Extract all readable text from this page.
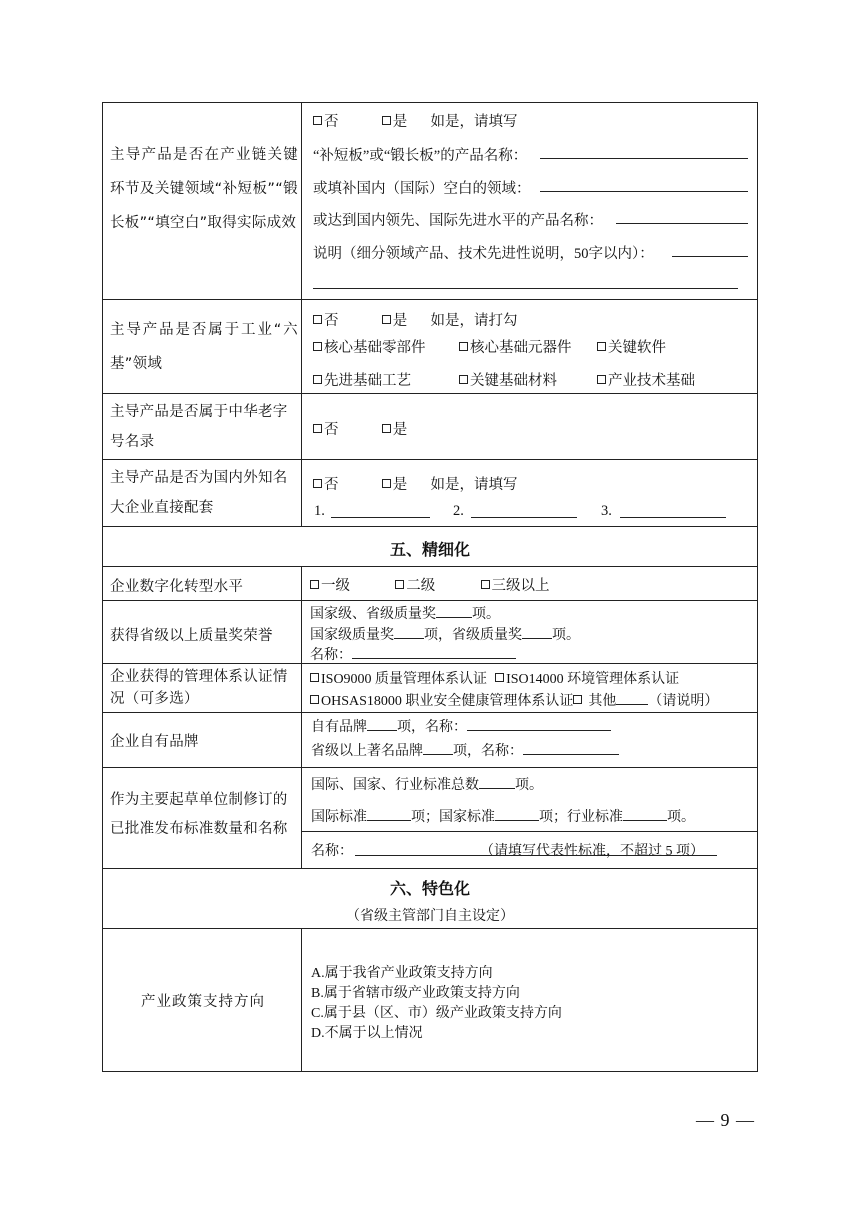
主导产品是否在产业链关键环节及关键领域“补短板”“锻长板”“填空白”取得实际成效
否	是 如是，请填写
“补短板”或“锻长板”的产品名称：
或填补国内（国际）空白的领域：
或达到国内领先、国际先进水平的产品名称：
说明（细分领域产品、技术先进性说明，50字以内）：
主导产品是否属于工业“六基”领域
否	是 如是，请打勾
核心基础零部件	核心基础元器件	关键软件
先进基础工艺	关键基础材料	产业技术基础
主导产品是否属于中华老字号名录
否	是
主导产品是否为国内外知名大企业直接配套
否	是 如是，请填写
1.	2.	3.
五、精细化
企业数字化转型水平	一级	二级	三级以上
获得省级以上质量奖荣誉
国家级、省级质量奖	项。
国家级质量奖 项，省级质量奖 项。
名称：
企业获得的管理体系认证情况（可多选）
ISO9000 质量管理体系认证 ISO14000 环境管理体系认证
OHSAS18000 职业安全健康管理体系认证 其他 （请说明）
企业自有品牌
自有品牌 项，名称：
省级以上著名品牌 项，名称：
作为主要起草单位制修订的已批准发布标准数量和名称
国际、国家、行业标准总数	项。
国际标准	项；国家标准	项；行业标准	项。
名称：	（请填写代表性标准，不超过 5 项）
六、特色化
（省级主管部门自主设定）
产业政策支持方向
A.属于我省产业政策支持方向
B.属于省辖市级产业政策支持方向
C.属于县（区、市）级产业政策支持方向
D.不属于以上情况
— 9 —
